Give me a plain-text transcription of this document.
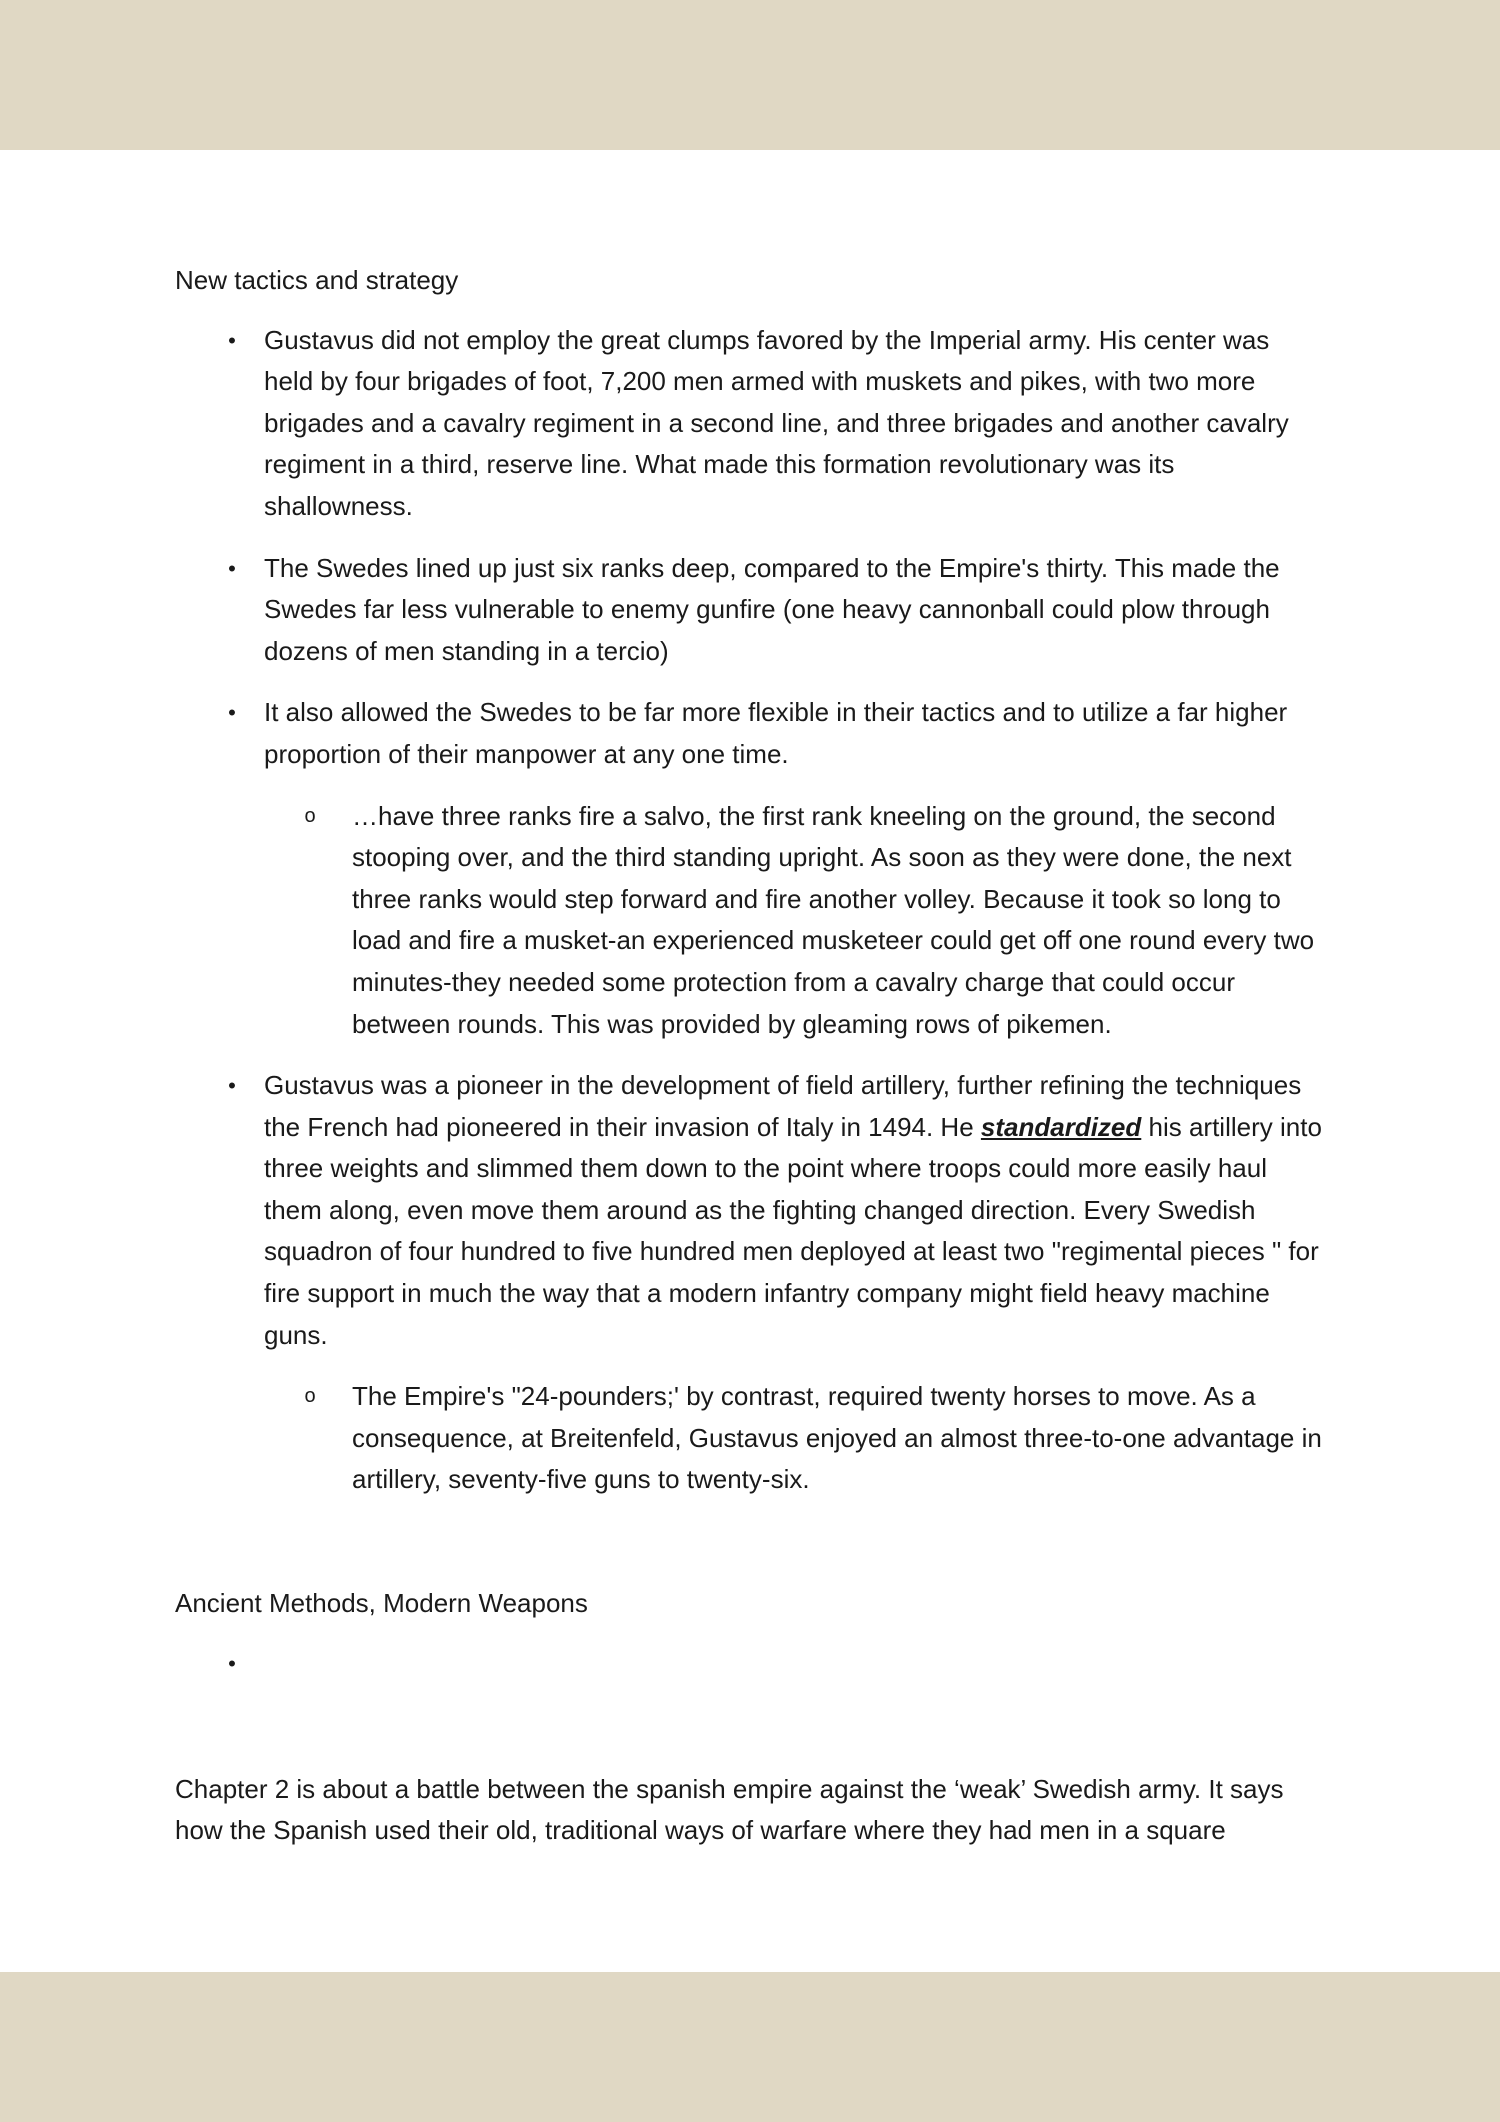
New tactics and strategy

• Gustavus did not employ the great clumps favored by the Imperial army. His center was held by four brigades of foot, 7,200 men armed with muskets and pikes, with two more brigades and a cavalry regiment in a second line, and three brigades and another cavalry regiment in a third, reserve line. What made this formation revolutionary was its shallowness.
• The Swedes lined up just six ranks deep, compared to the Empire's thirty. This made the Swedes far less vulnerable to enemy gunfire (one heavy cannonball could plow through dozens of men standing in a tercio)
• It also allowed the Swedes to be far more flexible in their tactics and to utilize a far higher proportion of their manpower at any one time.
o …have three ranks fire a salvo, the first rank kneeling on the ground, the second stooping over, and the third standing upright. As soon as they were done, the next three ranks would step forward and fire another volley. Because it took so long to load and fire a musket-an experienced musketeer could get off one round every two minutes-they needed some protection from a cavalry charge that could occur between rounds. This was provided by gleaming rows of pikemen.
• Gustavus was a pioneer in the development of field artillery, further refining the techniques the French had pioneered in their invasion of Italy in 1494. He standardized his artillery into three weights and slimmed them down to the point where troops could more easily haul them along, even move them around as the fighting changed direction. Every Swedish squadron of four hundred to five hundred men deployed at least two "regimental pieces " for fire support in much the way that a modern infantry company might field heavy machine guns.
o The Empire's "24-pounders;' by contrast, required twenty horses to move. As a consequence, at Breitenfeld, Gustavus enjoyed an almost three-to-one advantage in artillery, seventy-five guns to twenty-six.

Ancient Methods, Modern Weapons

•

Chapter 2 is about a battle between the spanish empire against the ‘weak’ Swedish army. It says how the Spanish used their old, traditional ways of warfare where they had men in a square
